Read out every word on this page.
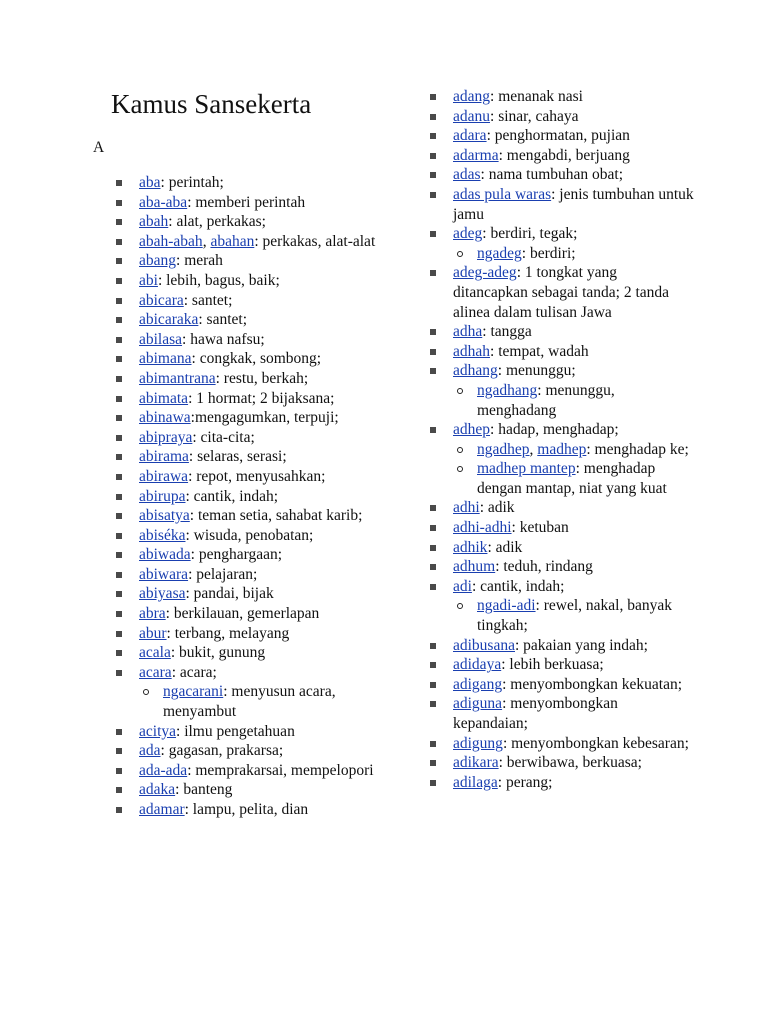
Kamus Sansekerta
A
aba: perintah;
aba-aba: memberi perintah
abah: alat, perkakas;
abah-abah, abahan: perkakas, alat-alat
abang: merah
abi: lebih, bagus, baik;
abicara: santet;
abicaraka: santet;
abilasa: hawa nafsu;
abimana: congkak, sombong;
abimantrana: restu, berkah;
abimata: 1 hormat; 2 bijaksana;
abinawa:mengagumkan, terpuji;
abipraya: cita-cita;
abirama: selaras, serasi;
abirawa: repot, menyusahkan;
abirupa: cantik, indah;
abisatya: teman setia, sahabat karib;
abiséka: wisuda, penobatan;
abiwada: penghargaan;
abiwara: pelajaran;
abiyasa: pandai, bijak
abra: berkilauan, gemerlapan
abur: terbang, melayang
acala: bukit, gunung
acara: acara;
ngacarani: menyusun acara, menyambut
acitya: ilmu pengetahuan
ada: gagasan, prakarsa;
ada-ada: memprakarsai, mempelopori
adaka: banteng
adamar: lampu, pelita, dian
adang: menanak nasi
adanu: sinar, cahaya
adara: penghormatan, pujian
adarma: mengabdi, berjuang
adas: nama tumbuhan obat;
adas pula waras: jenis tumbuhan untuk jamu
adeg: berdiri, tegak;
ngadeg: berdiri;
adeg-adeg: 1 tongkat yang ditancapkan sebagai tanda; 2 tanda alinea dalam tulisan Jawa
adha: tangga
adhah: tempat, wadah
adhang: menunggu;
ngadhang: menunggu, menghadang
adhep: hadap, menghadap;
ngadhep, madhep: menghadap ke;
madhep mantep: menghadap dengan mantap, niat yang kuat
adhi: adik
adhi-adhi: ketuban
adhik: adik
adhum: teduh, rindang
adi: cantik, indah;
ngadi-adi: rewel, nakal, banyak tingkah;
adibusana: pakaian yang indah;
adidaya: lebih berkuasa;
adigang: menyombongkan kekuatan;
adiguna: menyombongkan kepandaian;
adigung: menyombongkan kebesaran;
adikara: berwibawa, berkuasa;
adilaga: perang;
